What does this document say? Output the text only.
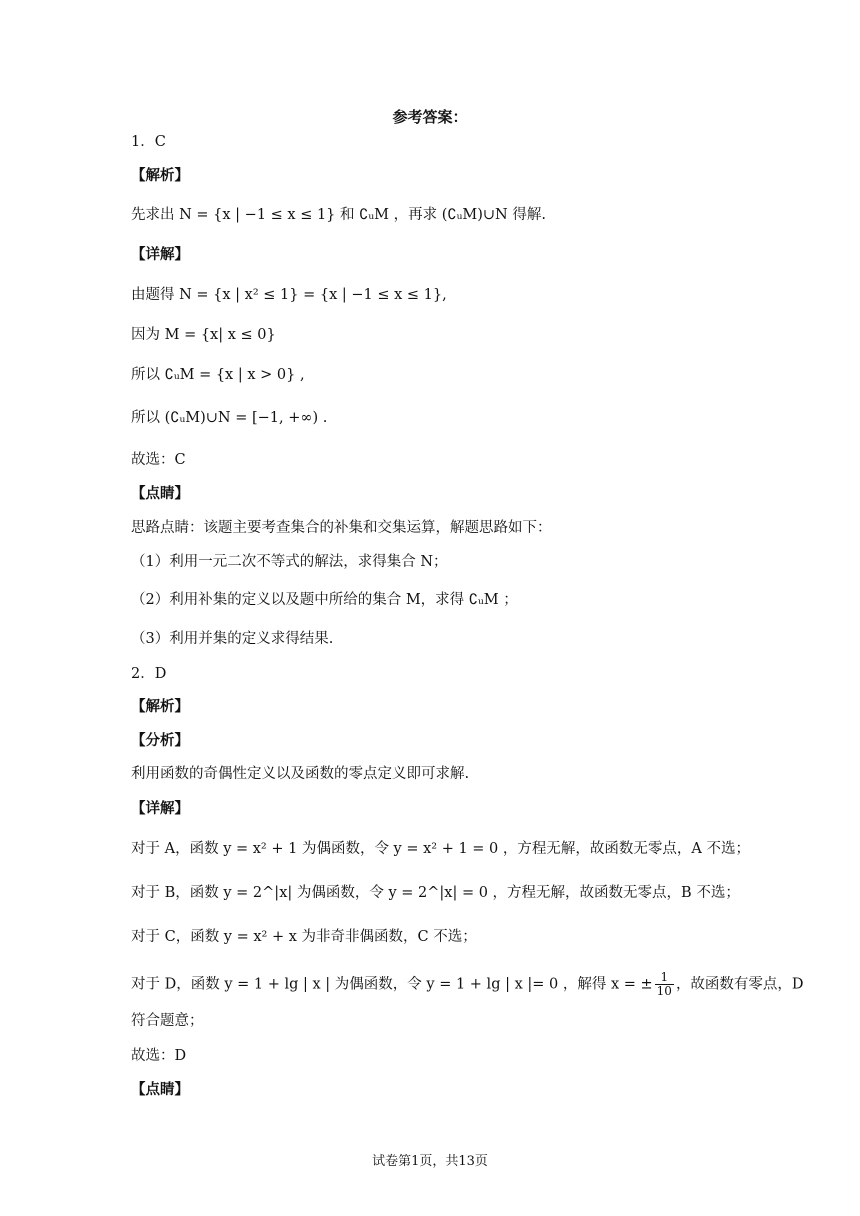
参考答案：
1．C
【解析】
先求出 N = {x | −1 ≤ x ≤ 1} 和 ∁ᵤM ，再求 (∁ᵤM)∪N 得解.
【详解】
由题得 N = {x | x² ≤ 1} = {x | −1 ≤ x ≤ 1},
因为 M = {x| x ≤ 0}
所以 ∁ᵤM = {x | x > 0} ,
所以 (∁ᵤM)∪N = [−1, +∞) .
故选：C
【点睛】
思路点睛：该题主要考查集合的补集和交集运算，解题思路如下：
（1）利用一元二次不等式的解法，求得集合 N；
（2）利用补集的定义以及题中所给的集合 M，求得 ∁ᵤM ；
（3）利用并集的定义求得结果.
2．D
【解析】
【分析】
利用函数的奇偶性定义以及函数的零点定义即可求解.
【详解】
对于 A，函数 y = x² + 1 为偶函数，令 y = x² + 1 = 0 ，方程无解，故函数无零点，A 不选；
对于 B，函数 y = 2^|x| 为偶函数，令 y = 2^|x| = 0 ，方程无解，故函数无零点，B 不选；
对于 C，函数 y = x² + x 为非奇非偶函数，C 不选；
对于 D，函数 y = 1 + lg | x | 为偶函数，令 y = 1 + lg | x |= 0 ，解得 x = ± $\frac{1}{10}$ ，故函数有零点，D
符合题意；
故选：D
【点睛】
试卷第1页，共13页
